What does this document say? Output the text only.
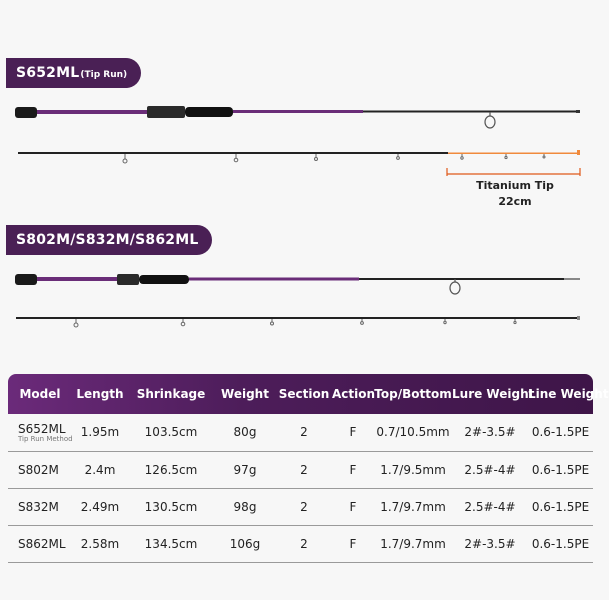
S652ML (Tip Run)
Titanium Tip
22cm
S802M/S832M/S862ML
Model	Length	Shrinkage	Weight	Section	Action	Top/Bottom	Lure Weight	Line Weight
S652ML
Tip Run Method	1.95m	103.5cm	80g	2	F	0.7/10.5mm	2#-3.5#	0.6-1.5PE
S802M	2.4m	126.5cm	97g	2	F	1.7/9.5mm	2.5#-4#	0.6-1.5PE
S832M	2.49m	130.5cm	98g	2	F	1.7/9.7mm	2.5#-4#	0.6-1.5PE
S862ML	2.58m	134.5cm	106g	2	F	1.7/9.7mm	2#-3.5#	0.6-1.5PE
